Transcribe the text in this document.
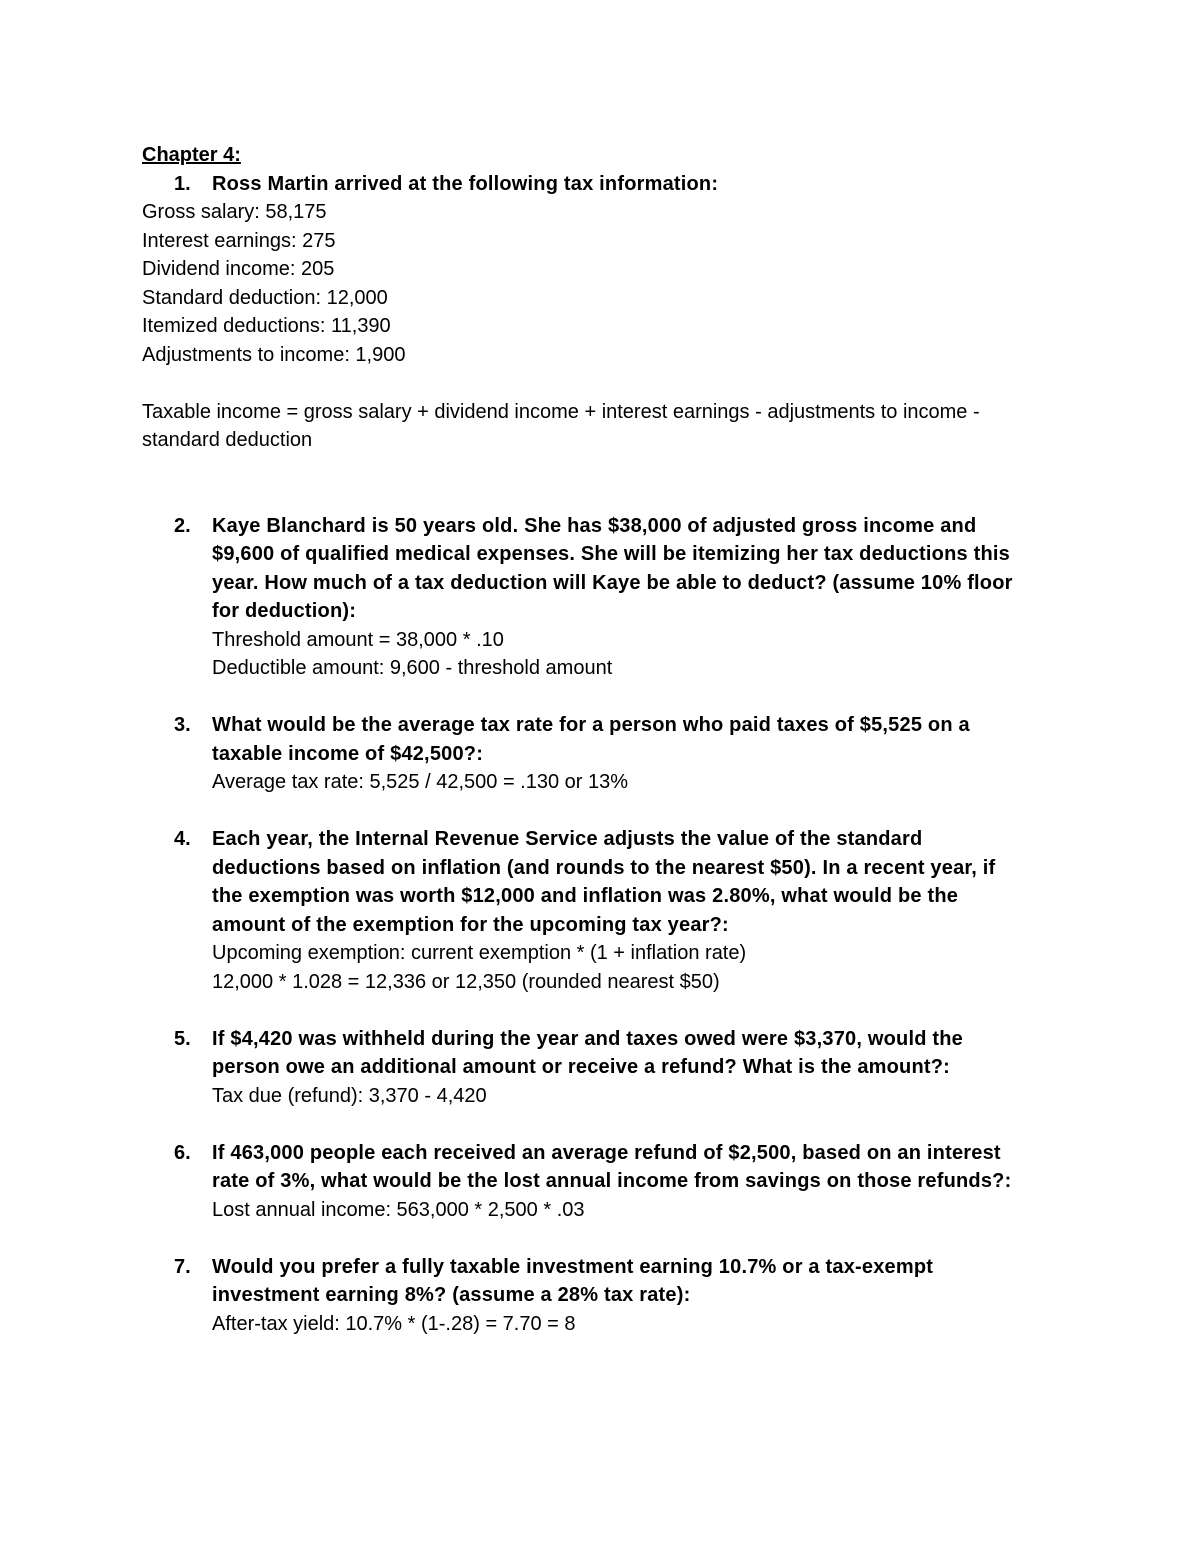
Chapter 4:

1. Ross Martin arrived at the following tax information:
Gross salary: 58,175
Interest earnings: 275
Dividend income: 205
Standard deduction: 12,000
Itemized deductions: 11,390
Adjustments to income: 1,900
Taxable income = gross salary + dividend income + interest earnings - adjustments to income -
standard deduction
2. Kaye Blanchard is 50 years old. She has $38,000 of adjusted gross income and
$9,600 of qualified medical expenses. She will be itemizing her tax deductions this
year. How much of a tax deduction will Kaye be able to deduct? (assume 10% floor
for deduction):
Threshold amount = 38,000 * .10
Deductible amount: 9,600 - threshold amount
3. What would be the average tax rate for a person who paid taxes of $5,525 on a
taxable income of $42,500?:
Average tax rate: 5,525 / 42,500 = .130 or 13%
4. Each year, the Internal Revenue Service adjusts the value of the standard
deductions based on inflation (and rounds to the nearest $50). In a recent year, if
the exemption was worth $12,000 and inflation was 2.80%, what would be the
amount of the exemption for the upcoming tax year?:
Upcoming exemption: current exemption * (1 + inflation rate)
12,000 * 1.028 = 12,336 or 12,350 (rounded nearest $50)
5. If $4,420 was withheld during the year and taxes owed were $3,370, would the
person owe an additional amount or receive a refund? What is the amount?:
Tax due (refund): 3,370 - 4,420
6. If 463,000 people each received an average refund of $2,500, based on an interest
rate of 3%, what would be the lost annual income from savings on those refunds?:
Lost annual income: 563,000 * 2,500 * .03
7. Would you prefer a fully taxable investment earning 10.7% or a tax-exempt
investment earning 8%? (assume a 28% tax rate):
After-tax yield: 10.7% * (1-.28) = 7.70 = 8
